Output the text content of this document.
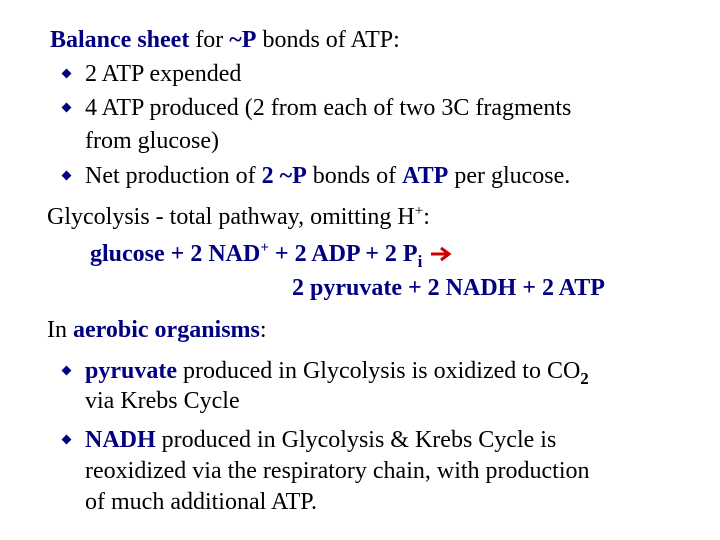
Balance sheet for ~P bonds of ATP:
2 ATP expended
4 ATP produced (2 from each of two 3C fragments
from glucose)
Net production of 2 ~P bonds of ATP per glucose.
Glycolysis - total pathway, omitting H+:
glucose + 2 NAD+ + 2 ADP + 2 $P_i$
2 pyruvate + 2 NADH + 2 ATP
In aerobic organisms:
pyruvate produced in Glycolysis is oxidized to $CO_2$
via Krebs Cycle
NADH produced in Glycolysis & Krebs Cycle is
reoxidized via the respiratory chain, with production
of much additional ATP.
